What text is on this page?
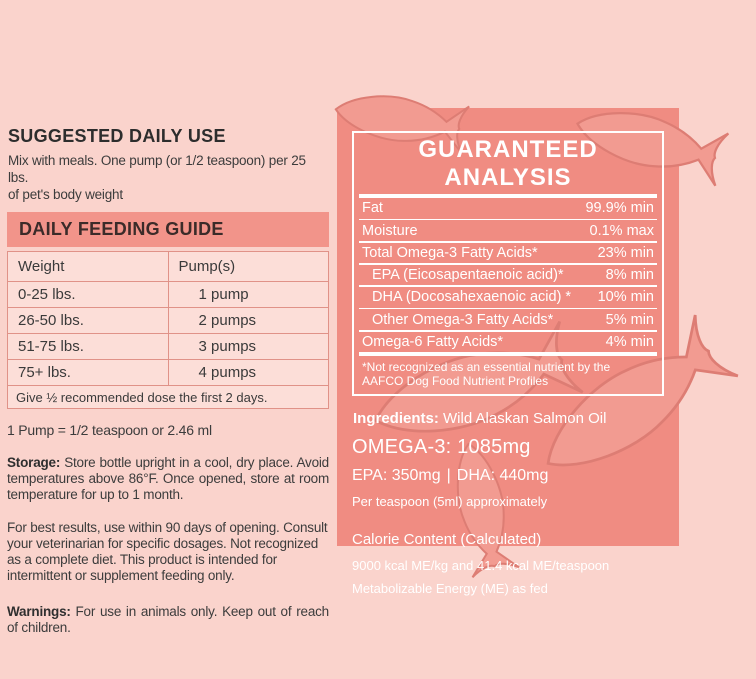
SUGGESTED DAILY USE
Mix with meals. One pump (or 1/2 teaspoon) per 25 lbs.
of pet's body weight
DAILY FEEDING GUIDE
Weight	Pump(s)
0-25 lbs.	1 pump
26-50 lbs.	2 pumps
51-75 lbs.	3 pumps
75+ lbs.	4 pumps
Give ½ recommended dose the first 2 days.	
1 Pump = 1/2 teaspoon or 2.46 ml
Storage: Store bottle upright in a cool, dry place. Avoid temperatures above 86°F. Once opened, store at room temperature for up to 1 month.
For best results, use within 90 days of opening. Consult your veterinarian for specific dosages. Not recognized as a complete diet. This product is intended for intermittent or supplement feeding only.
Warnings: For use in animals only. Keep out of reach of children.
GUARANTEED ANALYSIS
Fat	99.9% min
Moisture	0.1% max
Total Omega-3 Fatty Acids*	23% min
EPA (Eicosapentaenoic acid)*	8% min
DHA (Docosahexaenoic acid) * 10% min
Other Omega-3 Fatty Acids*	5% min
Omega-6 Fatty Acids*	4% min
*Not recognized as an essential nutrient by the AAFCO Dog Food Nutrient Profiles
Ingredients: Wild Alaskan Salmon Oil
OMEGA-3: 1085mg
EPA: 350mg | DHA: 440mg
Per teaspoon (5ml) approximately
Calorie Content (Calculated)
9000 kcal ME/kg and 41.4 kcal ME/teaspoon
Metabolizable Energy (ME) as fed
